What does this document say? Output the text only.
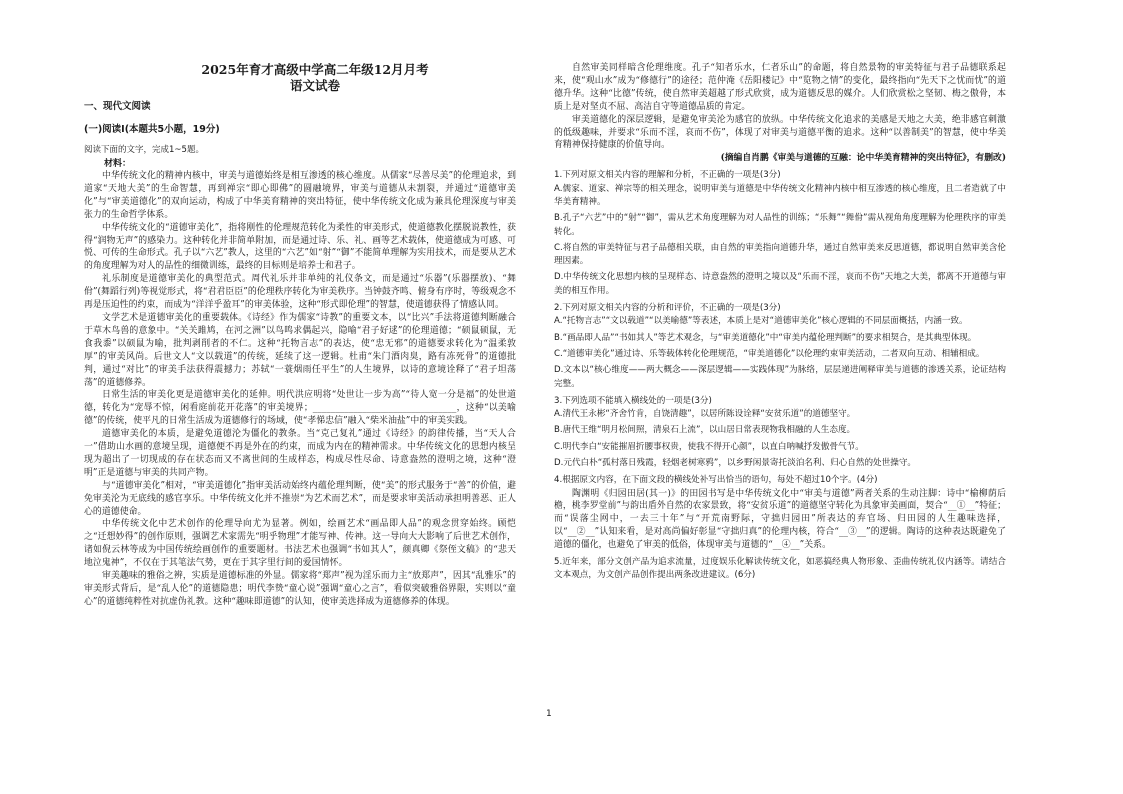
2025年育才高级中学高二年级12月月考
语文试卷
一、现代文阅读
(一)阅读I(本题共5小题，19分)
阅读下面的文字，完成1~5题。
材料：

中华传统文化的精神内核中，审美与道德始终是相互渗透的核心维度。从儒家“尽善尽美”的伦理追求，到道家“天地大美”的生命智慧，再到禅宗“即心即佛”的圆融境界，审美与道德从未割裂，并通过“道德审美化”与“审美道德化”的双向运动，构成了中华美育精神的突出特征，使中华传统文化成为兼具伦理深度与审美张力的生命哲学体系。

中华传统文化的“道德审美化”，指将刚性的伦理规范转化为柔性的审美形式，使道德教化摆脱说教性，获得“润物无声”的感染力。这种转化并非简单附加，而是通过诗、乐、礼、画等艺术载体，使道德成为可感、可悦、可传的生命形式。孔子以“六艺”教人，这里的“六艺”如“射”“御”不能简单理解为实用技术，而是要从艺术的角度理解为对人的品性的细微训练，最终的目标则是培养士和君子。

礼乐制度是道德审美化的典型范式。周代礼乐并非单纯的礼仪条文，而是通过“乐器”(乐器摆放)、“舞佾”(舞蹈行列)等视觉形式，将“君君臣臣”的伦理秩序转化为审美秩序。当钟鼓齐鸣、俯身有序时，等级观念不再是压迫性的约束，而成为“洋洋乎盈耳”的审美体验，这种“形式即伦理”的智慧，使道德获得了情感认同。

文学艺术是道德审美化的重要载体。《诗经》作为儒家“诗教”的重要文本，以“比兴”手法将道德判断融合于草木鸟兽的意象中。“关关雎鸠，在河之洲”以鸟鸣求偶起兴，隐喻“君子好逑”的伦理道德；“硕鼠硕鼠，无食我黍”以硕鼠为喻，批判剥削者的不仁。这种“托物言志”的表达，使“忠无邪”的道德要求转化为“温柔敦厚”的审美风尚。后世文人“文以载道”的传统，延续了这一逻辑。杜甫“朱门酒肉臭，路有冻死骨”的道德批判，通过“对比”的审美手法获得震撼力；苏轼“一蓑烟雨任平生”的人生境界，以诗的意境诠释了“君子坦荡荡”的道德修养。

日常生活的审美化更是道德审美化的延伸。明代洪应明将“处世让一步为高”“待人宽一分是福”的处世道德，转化为“宠辱不惊，闲看庭前花开花落”的审美境界；________________________________，这种“以美喻德”的传统，使平凡的日常生活成为道德修行的场域，使“孝悌忠信”融入“柴米油盐”中的审美实践。

道德审美化的本质，是避免道德沦为僵化的教条。当“克己复礼”通过《诗经》的韵律传播，当“天人合一”借助山水画的意境呈现，道德便不再是外在的约束，而成为内在的精神需求。中华传统文化的思想内核呈现为超出了一切现成的存在状态而又不离世间的生成样态，构成尽性尽命、诗意盎然的澄明之境，这种“澄明”正是道德与审美的共同产物。

与“道德审美化”相对，“审美道德化”指审美活动始终内蕴伦理判断，使“美”的形式服务于“善”的价值，避免审美沦为无底线的感官享乐。中华传统文化并不推崇“为艺术而艺术”，而是要求审美活动承担明善恶、正人心的道德使命。

中华传统文化中艺术创作的伦理导向尤为显著。例如，绘画艺术“画品即人品”的观念贯穿始终。顾恺之“迁想妙得”的创作原则，强调艺术家需先“明乎物理”才能写神、传神。这一导向大大影响了后世艺术创作，诸如倪云林等成为中国传统绘画创作的重要题材。书法艺术也强调“书如其人”，颜真卿《祭侄文稿》的“悲天地泣鬼神”，不仅在于其笔法气势，更在于其字里行间的爱国情怀。

审美趣味的雅俗之辨，实质是道德标准的外显。儒家将“郑声”视为淫乐而力主“放郑声”，因其“乱雅乐”的审美形式背后，是“乱人伦”的道德隐患；明代李贽“童心说”强调“童心之言”，看似突破雅俗界限，实则以“童心”的道德纯粹性对抗虚伪礼教。这种“趣味即道德”的认知，使审美选择成为道德修养的体现。

自然审美同样暗含伦理维度。孔子“知者乐水，仁者乐山”的命题，将自然景物的审美特征与君子品德联系起来，使“观山水”成为“修德行”的途径；范仲淹《岳阳楼记》中“览物之情”的变化，最终指向“先天下之忧而忧”的道德升华。这种“比德”传统，使自然审美超越了形式欣赏，成为道德反思的媒介。人们欣赏松之坚韧、梅之傲骨，本质上是对坚贞不屈、高洁自守等道德品质的肯定。

审美道德化的深层逻辑，是避免审美沦为感官的放纵。中华传统文化追求的美感是天地之大美，绝非感官刺激的低级趣味，并要求“乐而不淫，哀而不伤”，体现了对审美与道德平衡的追求。这种“以善制美”的智慧，使中华美育精神保持健康的价值导向。

(摘编自肖鹏《审美与道德的互融：论中华美育精神的突出特征》，有删改)

1.下列对原文相关内容的理解和分析，不正确的一项是(3分)

A.儒家、道家、禅宗等的相关理念，说明审美与道德是中华传统文化精神内核中相互渗透的核心维度，且二者造就了中华美育精神。

B.孔子“六艺”中的“射”“御”，需从艺术角度理解为对人品性的训练；“乐舞”“舞佾”需从视角角度理解为伦理秩序的审美转化。

C.将自然的审美特征与君子品德相关联，由自然的审美指向道德升华，通过自然审美来反思道德，都说明自然审美含伦理因素。

D.中华传统文化思想内核的呈现样态、诗意盎然的澄明之境以及“乐而不淫，哀而不伤”天地之大美，都离不开道德与审美的相互作用。

2.下列对原文相关内容的分析和评价，不正确的一项是(3分)

A.“托物言志”“文以载道”“以美喻德”等表述，本质上是对“道德审美化”核心逻辑的不同层面概括，内涵一致。

B.“画品即人品”“书如其人”等艺术观念，与“审美道德化”中“审美内蕴伦理判断”的要求相契合，是其典型体现。

C.“道德审美化”通过诗、乐等载体转化伦理规范，“审美道德化”以伦理约束审美活动，二者双向互动、相辅相成。

D.文本以“核心维度——两大概念——深层逻辑——实践体现”为脉络，层层递进阐释审美与道德的渗透关系，论证结构完整。

3.下列选项不能填入横线处的一项是(3分)

A.清代王永彬“齐舍竹肯，自饶清趣”，以居所陈设诠释“安贫乐道”的道德坚守。

B.唐代王维“明月松间照，清泉石上流”，以山居日常表现物我相融的人生态度。

C.明代李白“安能摧眉折腰事权贵，使我不得开心颜”，以直白呐喊抒发傲骨气节。

D.元代白朴“孤村落日残霞，轻烟老树寒鸦”，以乡野闲景寄托淡泊名利、归心自然的处世操守。

4.根据原文内容，在下面文段的横线处补写出恰当的语句，每处不超过10个字。(4分)

陶渊明《归园田居(其一)》的田园书写是中华传统文化中“审美与道德”两者关系的生动注脚：诗中“榆柳荫后檐，桃李罗堂前”与韵出盾外自然的农家景致，将“安贫乐道”的道德坚守转化为具象审美画面，契合“__①__”特征；而“误落尘网中，一去三十年”与“开荒南野际，守拙归园田”所表达的弃官场、归田园的人生趣味选择，以“__②__”认知来看，是对高尚偏好彰显“守拙归真”的伦理内核，符合“__③__”的逻辑。陶诗的这种表达既避免了道德的僵化，也避免了审美的低俗，体现审美与道德的“__④__”关系。

5.近年来，部分文创产品为追求流量，过度娱乐化解读传统文化，如恶搞经典人物形象、歪曲传统礼仪内涵等。请结合文本观点，为文创产品创作提出两条改进建议。(6分)

1
